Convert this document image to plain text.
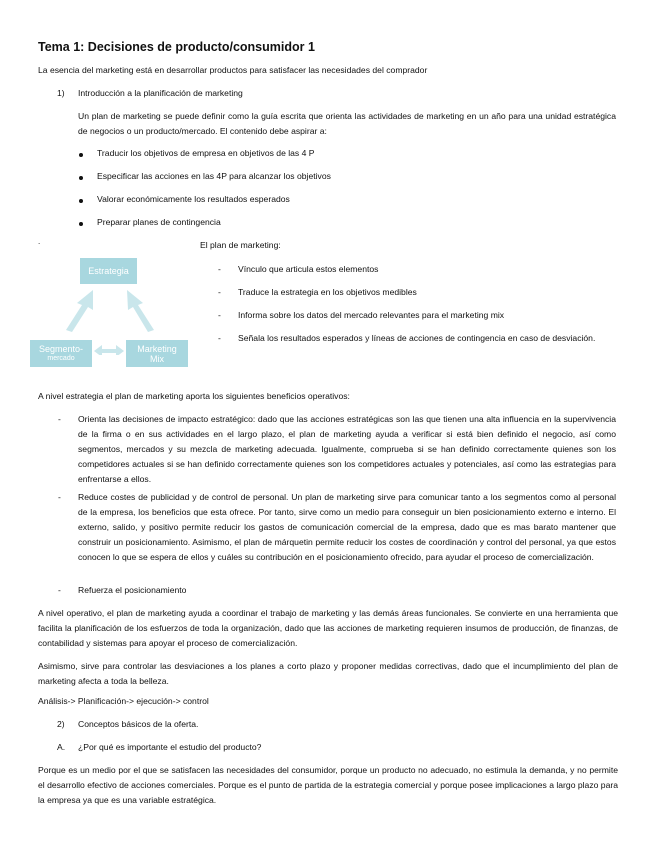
Tema 1: Decisiones de producto/consumidor 1
La esencia del marketing está en desarrollar productos para satisfacer las necesidades del comprador
1) Introducción a la planificación de marketing
Un plan de marketing se puede definir como la guía escrita que orienta las actividades de marketing en un año para una unidad estratégica de negocios o un producto/mercado. El contenido debe aspirar a:
Traducir los objetivos de empresa en objetivos de las 4 P
Especificar las acciones en las 4P para alcanzar los objetivos
Valorar económicamente los resultados esperados
Preparar planes de contingencia
.
Estrategia
Segmento-
mercado
Marketing
Mix
El plan de marketing:
- Vínculo que articula estos elementos
- Traduce la estrategia en los objetivos medibles
- Informa sobre los datos del mercado relevantes para el marketing mix
- Señala los resultados esperados y líneas de acciones de contingencia en caso de desviación.
A nivel estrategia el plan de marketing aporta los siguientes beneficios operativos:
- Orienta las decisiones de impacto estratégico: dado que las acciones estratégicas son las que tienen una alta influencia en la supervivencia de la firma o en sus actividades en el largo plazo, el plan de marketing ayuda a verificar si está bien definido el negocio, así como segmentos, mercados y su mezcla de marketing adecuada. Igualmente, comprueba si se han definido correctamente quienes son los competidores actuales si se han definido correctamente quienes son los competidores actuales y potenciales, así como las estrategias para enfrentarse a ellos.
- Reduce costes de publicidad y de control de personal. Un plan de marketing sirve para comunicar tanto a los segmentos como al personal de la empresa, los beneficios que esta ofrece. Por tanto, sirve como un medio para conseguir un bien posicionamiento externo e interno. El externo, salido, y positivo permite reducir los gastos de comunicación comercial de la empresa, dado que es mas barato mantener que construir un posicionamiento. Asimismo, el plan de márquetin permite reducir los costes de coordinación y control del personal, ya que estos conocen lo que se espera de ellos y cuáles su contribución en el posicionamiento ofrecido, para ayudar el proceso de comercialización.
- Refuerza el posicionamiento
A nivel operativo, el plan de marketing ayuda a coordinar el trabajo de marketing y las demás áreas funcionales. Se convierte en una herramienta que facilita la planificación de los esfuerzos de toda la organización, dado que las acciones de marketing requieren insumos de producción, de finanzas, de contabilidad y sistemas para apoyar el proceso de comercialización.
Asimismo, sirve para controlar las desviaciones a los planes a corto plazo y proponer medidas correctivas, dado que el incumplimiento del plan de marketing afecta a toda la belleza.
Análisis-> Planificación-> ejecución-> control
2) Conceptos básicos de la oferta.
A. ¿Por qué es importante el estudio del producto?
Porque es un medio por el que se satisfacen las necesidades del consumidor, porque un producto no adecuado, no estimula la demanda, y no permite el desarrollo efectivo de acciones comerciales. Porque es el punto de partida de la estrategia comercial y porque posee implicaciones a largo plazo para la empresa ya que es una variable estratégica.
